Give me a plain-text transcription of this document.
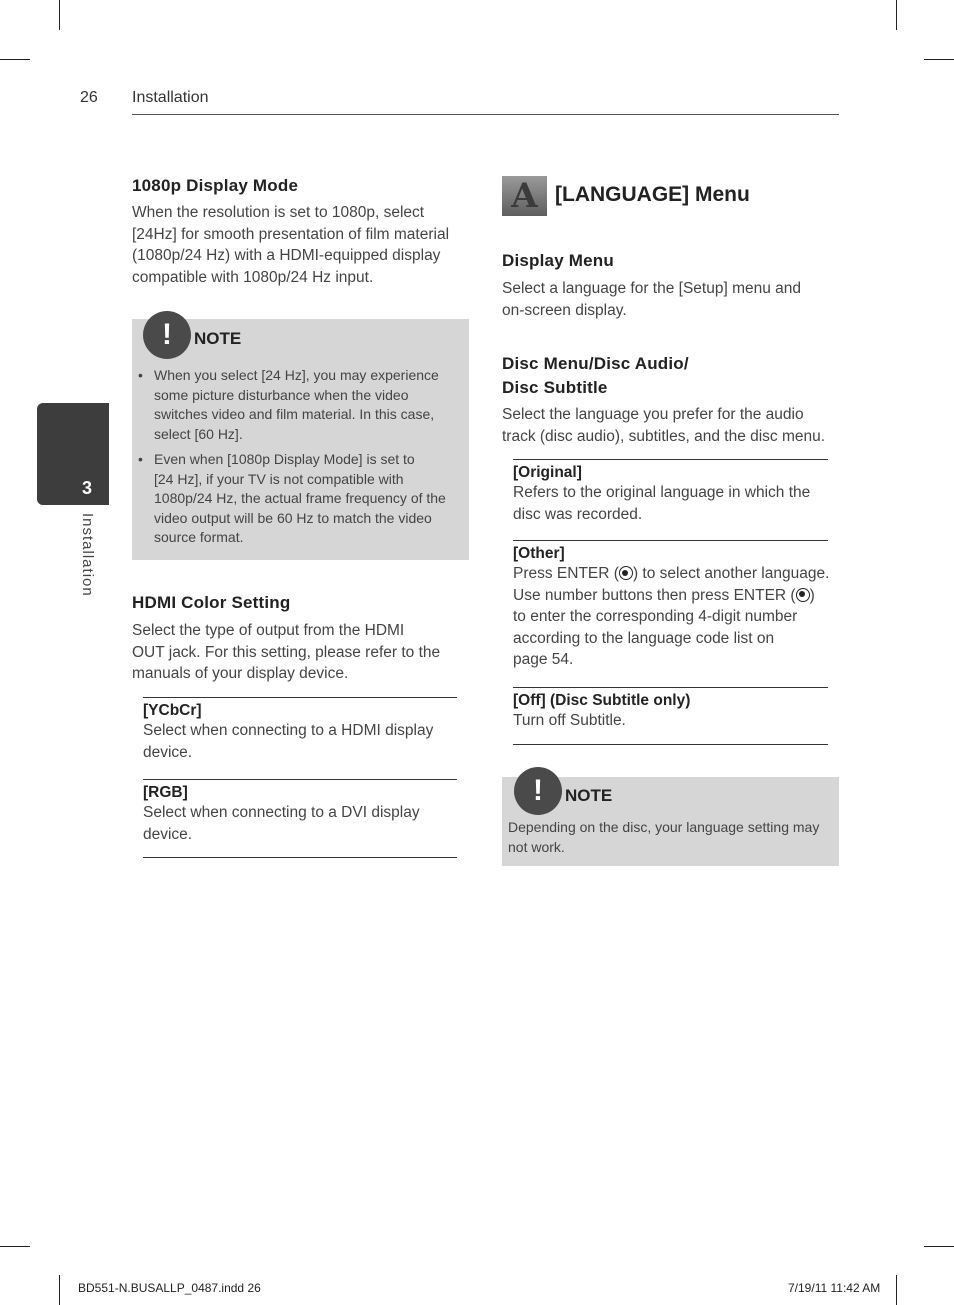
26 Installation
3
Installation
1080p Display Mode
When the resolution is set to 1080p, select
[24Hz] for smooth presentation of film material
(1080p/24 Hz) with a HDMI-equipped display
compatible with 1080p/24 Hz input.
!	NOTE
• When you select [24 Hz], you may experience
some picture disturbance when the video
switches video and film material. In this case,
select [60 Hz].
• Even when [1080p Display Mode] is set to
[24 Hz], if your TV is not compatible with
1080p/24 Hz, the actual frame frequency of the
video output will be 60 Hz to match the video
source format.
HDMI Color Setting
Select the type of output from the HDMI
OUT jack. For this setting, please refer to the
manuals of your display device.
[YCbCr]
Select when connecting to a HDMI display
device.
[RGB]
Select when connecting to a DVI display
device.
A [LANGUAGE] Menu
Display Menu
Select a language for the [Setup] menu and
on-screen display.
Disc Menu/Disc Audio/
Disc Subtitle
Select the language you prefer for the audio
track (disc audio), subtitles, and the disc menu.
[Original]
Refers to the original language in which the
disc was recorded.
[Other]
Press ENTER ( ) to select another language.
Use number buttons then press ENTER ( )
to enter the corresponding 4-digit number
according to the language code list on
page 54.
[Off] (Disc Subtitle only)
Turn off Subtitle.
!	NOTE
Depending on the disc, your language setting may
not work.
BD551-N.BUSALLP_0487.indd 26	7/19/11 11:42 AM
